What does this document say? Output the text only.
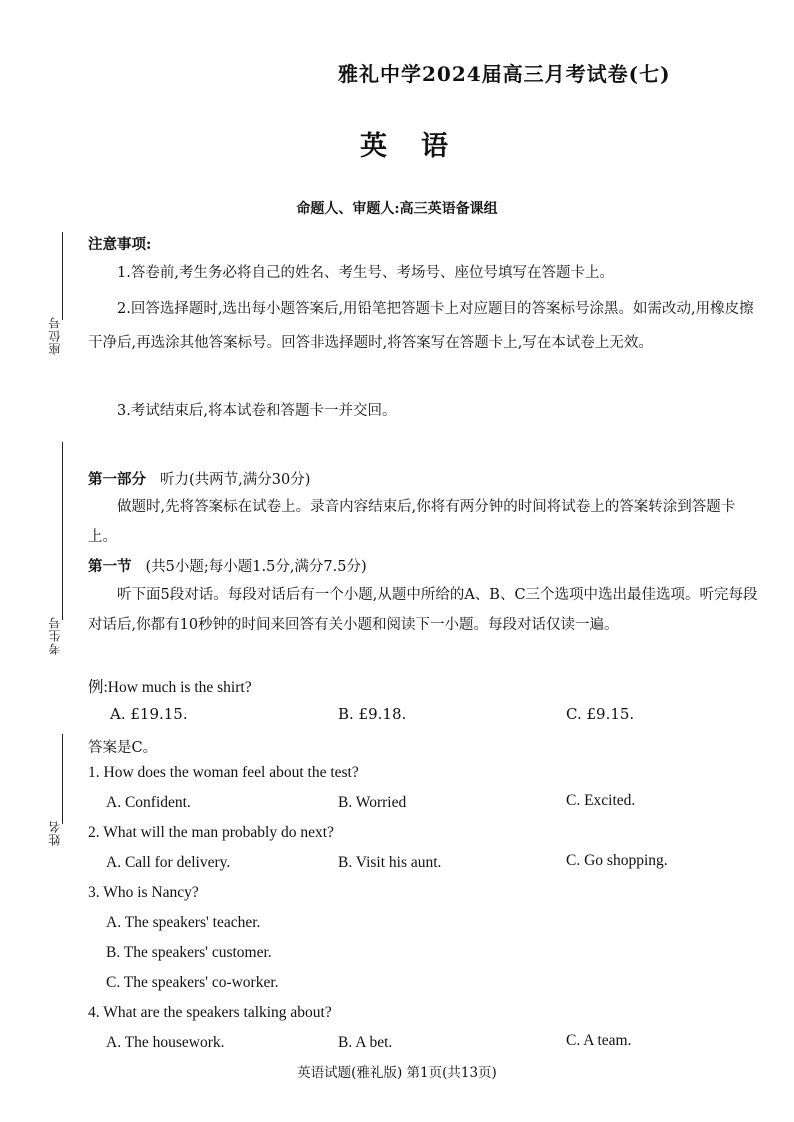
座位号
考生号
姓名
雅礼中学2024届高三月考试卷(七)
英语
命题人、审题人:高三英语备课组
注意事项:
1.答卷前,考生务必将自己的姓名、考生号、考场号、座位号填写在答题卡上。
2.回答选择题时,选出每小题答案后,用铅笔把答题卡上对应题目的答案标号涂黑。如需改动,用橡皮擦干净后,再选涂其他答案标号。回答非选择题时,将答案写在答题卡上,写在本试卷上无效。
3.考试结束后,将本试卷和答题卡一并交回。
第一部分 听力(共两节,满分30分)
做题时,先将答案标在试卷上。录音内容结束后,你将有两分钟的时间将试卷上的答案转涂到答题卡上。
第一节 (共5小题;每小题1.5分,满分7.5分)
听下面5段对话。每段对话后有一个小题,从题中所给的A、B、C三个选项中选出最佳选项。听完每段对话后,你都有10秒钟的时间来回答有关小题和阅读下一小题。每段对话仅读一遍。
例:How much is the shirt?
A. £19.15.	B. £9.18.	C. £9.15.
答案是C。
1. How does the woman feel about the test?
A. Confident.	B. Worried	C. Excited.
2. What will the man probably do next?
A. Call for delivery.	B. Visit his aunt.	C. Go shopping.
3. Who is Nancy?
A. The speakers' teacher.
B. The speakers' customer.
C. The speakers' co-worker.
4. What are the speakers talking about?
A. The housework.	B. A bet.	C. A team.
英语试题(雅礼版) 第1页(共13页)
